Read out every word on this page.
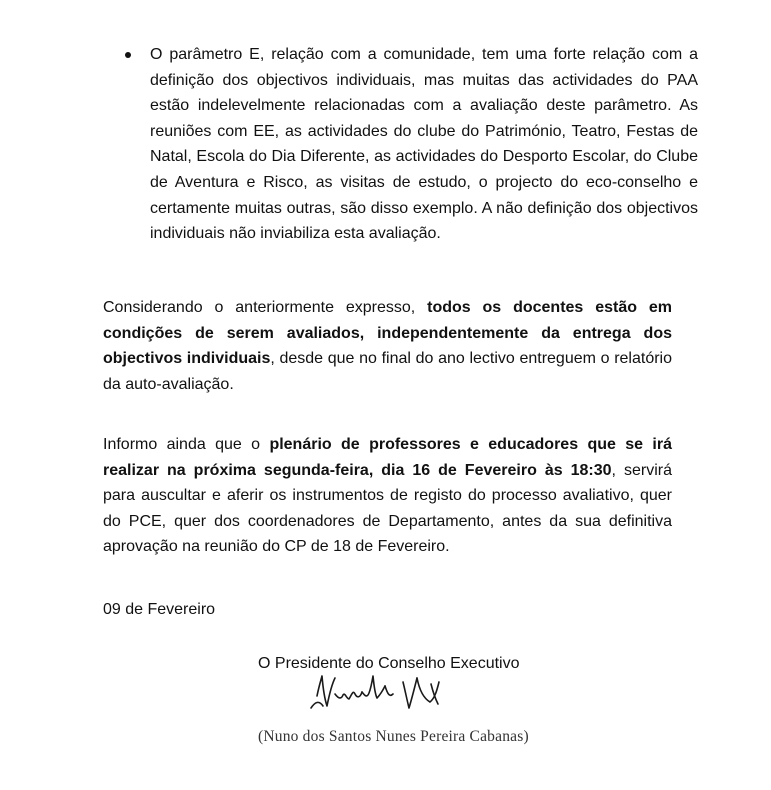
O parâmetro E, relação com a comunidade, tem uma forte relação com a definição dos objectivos individuais, mas muitas das actividades do PAA estão indelevelmente relacionadas com a avaliação deste parâmetro. As reuniões com EE, as actividades do clube do Património, Teatro, Festas de Natal, Escola do Dia Diferente, as actividades do Desporto Escolar, do Clube de Aventura e Risco, as visitas de estudo, o projecto do eco-conselho e certamente muitas outras, são disso exemplo. A não definição dos objectivos individuais não inviabiliza esta avaliação.

Considerando o anteriormente expresso, todos os docentes estão em condições de serem avaliados, independentemente da entrega dos objectivos individuais, desde que no final do ano lectivo entreguem o relatório da auto-avaliação.

Informo ainda que o plenário de professores e educadores que se irá realizar na próxima segunda-feira, dia 16 de Fevereiro às 18:30, servirá para auscultar e aferir os instrumentos de registo do processo avaliativo, quer do PCE, quer dos coordenadores de Departamento, antes da sua definitiva aprovação na reunião do CP de 18 de Fevereiro.

09 de Fevereiro
O Presidente do Conselho Executivo
(Nuno dos Santos Nunes Pereira Cabanas)
